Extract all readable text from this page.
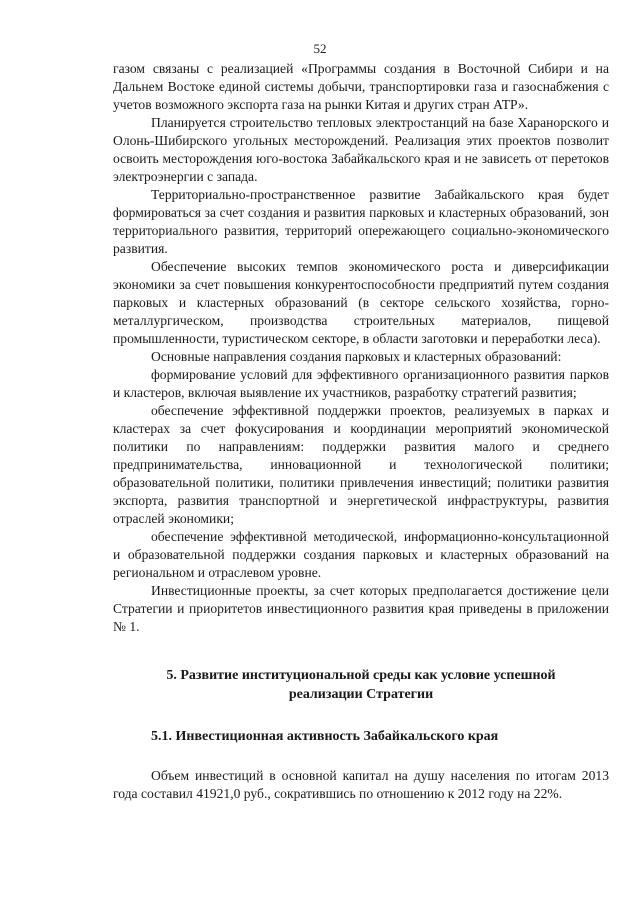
52

газом связаны с реализацией «Программы создания в Восточной Сибири и на Дальнем Востоке единой системы добычи, транспортировки газа и газоснабжения с учетов возможного экспорта газа на рынки Китая и других стран АТР».

Планируется строительство тепловых электростанций на базе Харанорского и Олонь-Шибирского угольных месторождений. Реализация этих проектов позволит освоить месторождения юго-востока Забайкальского края и не зависеть от перетоков электроэнергии с запада.

Территориально-пространственное развитие Забайкальского края будет формироваться за счет создания и развития парковых и кластерных образований, зон территориального развития, территорий опережающего социально-экономического развития.

Обеспечение высоких темпов экономического роста и диверсификации экономики за счет повышения конкурентоспособности предприятий путем создания парковых и кластерных образований (в секторе сельского хозяйства, горно-металлургическом, производства строительных материалов, пищевой промышленности, туристическом секторе, в области заготовки и переработки леса).

Основные направления создания парковых и кластерных образований:

формирование условий для эффективного организационного развития парков и кластеров, включая выявление их участников, разработку стратегий развития;

обеспечение эффективной поддержки проектов, реализуемых в парках и кластерах за счет фокусирования и координации мероприятий экономической политики по направлениям: поддержки развития малого и среднего предпринимательства, инновационной и технологической политики; образовательной политики, политики привлечения инвестиций; политики развития экспорта, развития транспортной и энергетической инфраструктуры, развития отраслей экономики;

обеспечение эффективной методической, информационно-консультационной и образовательной поддержки создания парковых и кластерных образований на региональном и отраслевом уровне.

Инвестиционные проекты, за счет которых предполагается достижение цели Стратегии и приоритетов инвестиционного развития края приведены в приложении № 1.

5. Развитие институциональной среды как условие успешной
реализации Стратегии
5.1. Инвестиционная активность Забайкальского края

Объем инвестиций в основной капитал на душу населения по итогам 2013 года составил 41921,0 руб., сократившись по отношению к 2012 году на 22%.
